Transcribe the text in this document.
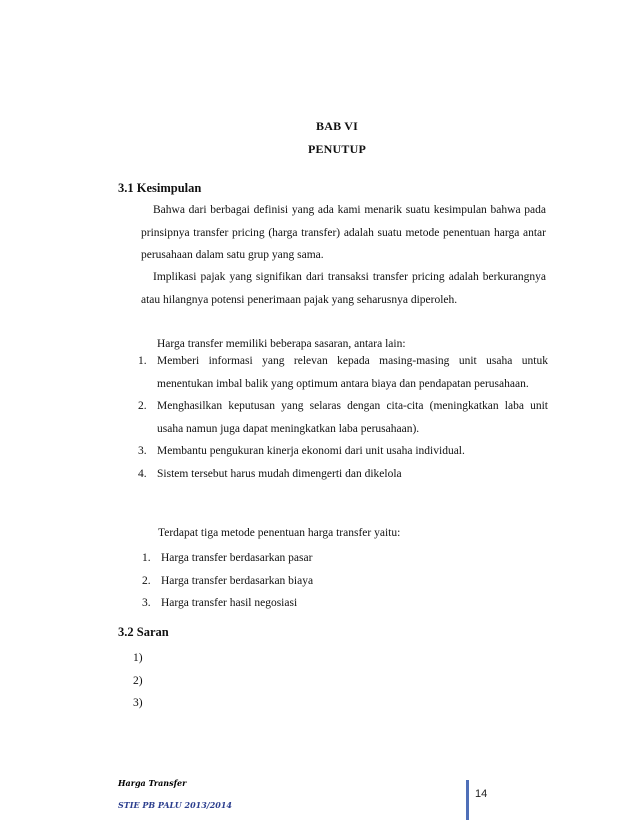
BAB VI
PENUTUP
3.1 Kesimpulan
Bahwa dari berbagai definisi yang ada kami menarik suatu kesimpulan bahwa pada prinsipnya transfer pricing (harga transfer) adalah suatu metode penentuan harga antar perusahaan dalam satu grup yang sama.
Implikasi pajak yang signifikan dari transaksi transfer pricing adalah berkurangnya atau hilangnya potensi penerimaan pajak yang seharusnya diperoleh.
Harga transfer memiliki beberapa sasaran, antara lain:
1. Memberi informasi yang relevan kepada masing-masing unit usaha untuk menentukan imbal balik yang optimum antara biaya dan pendapatan perusahaan.
2. Menghasilkan keputusan yang selaras dengan cita-cita (meningkatkan laba unit usaha namun juga dapat meningkatkan laba perusahaan).
3. Membantu pengukuran kinerja ekonomi dari unit usaha individual.
4. Sistem tersebut harus mudah dimengerti dan dikelola
Terdapat tiga metode penentuan harga transfer yaitu:
1. Harga transfer berdasarkan pasar
2. Harga transfer berdasarkan biaya
3. Harga transfer hasil negosiasi
3.2 Saran
1)
2)
3)
Harga Transfer
STIE PB PALU 2013/2014
14
